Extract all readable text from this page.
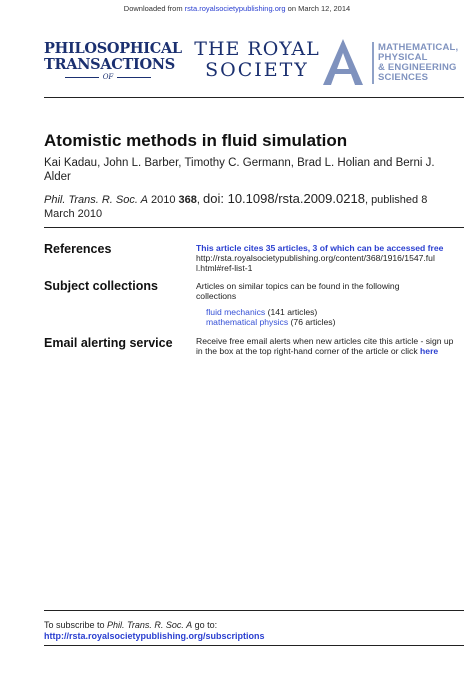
Downloaded from rsta.royalsocietypublishing.org on March 12, 2014
PHILOSOPHICAL
TRANSACTIONS
OF
THE ROYAL
SOCIETY
MATHEMATICAL,
PHYSICAL
& ENGINEERING
SCIENCES
Atomistic methods in fluid simulation
Kai Kadau, John L. Barber, Timothy C. Germann, Brad L. Holian and Berni J.
Alder
Phil. Trans. R. Soc. A 2010 368, doi: 10.1098/rsta.2009.0218, published 8
March 2010
References	This article cites 35 articles, 3 of which can be accessed free
http://rsta.royalsocietypublishing.org/content/368/1916/1547.ful
l.html#ref-list-1
Subject collections	Articles on similar topics can be found in the following
collections
fluid mechanics (141 articles)
mathematical physics (76 articles)
Email alerting service	Receive free email alerts when new articles cite this article - sign up
in the box at the top right-hand corner of the article or click here
To subscribe to Phil. Trans. R. Soc. A go to:
http://rsta.royalsocietypublishing.org/subscriptions
